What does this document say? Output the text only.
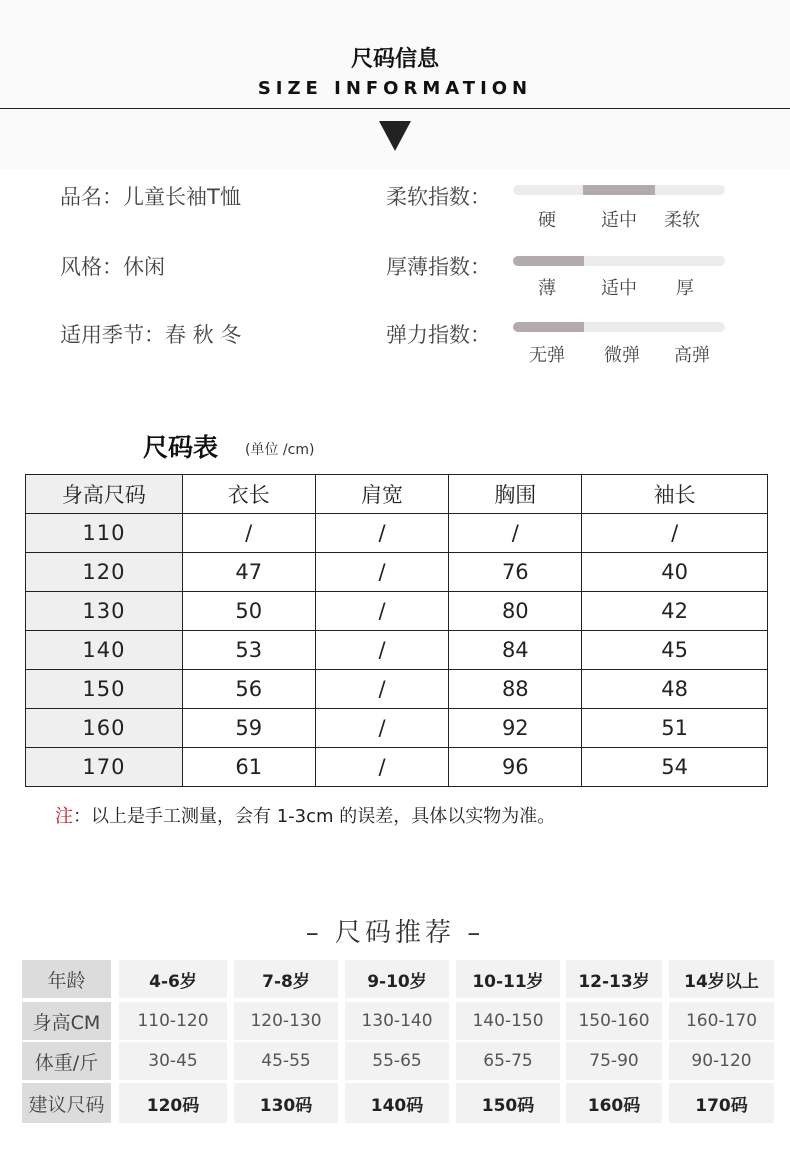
尺码信息
SIZE INFORMATION
品名：儿童长袖T恤
风格：休闲
适用季节：春 秋 冬
柔软指数：
硬	适中	柔软
厚薄指数：
薄	适中	厚
弹力指数：
无弹	微弹	高弹
尺码表 (单位 /cm)
身高尺码	衣长	肩宽	胸围	袖长
110	/	/	/	/
120	47	/	76	40
130	50	/	80	42
140	53	/	84	45
150	56	/	88	48
160	59	/	92	51
170	61	/	96	54
注：以上是手工测量，会有 1-3cm 的误差，具体以实物为准。
– 尺码推荐 –
年龄	4-6岁	7-8岁	9-10岁	10-11岁	12-13岁	14岁以上
身高CM	110-120	120-130	130-140	140-150	150-160	160-170
体重/斤	30-45	45-55	55-65	65-75	75-90	90-120
建议尺码	120码	130码	140码	150码	160码	170码
